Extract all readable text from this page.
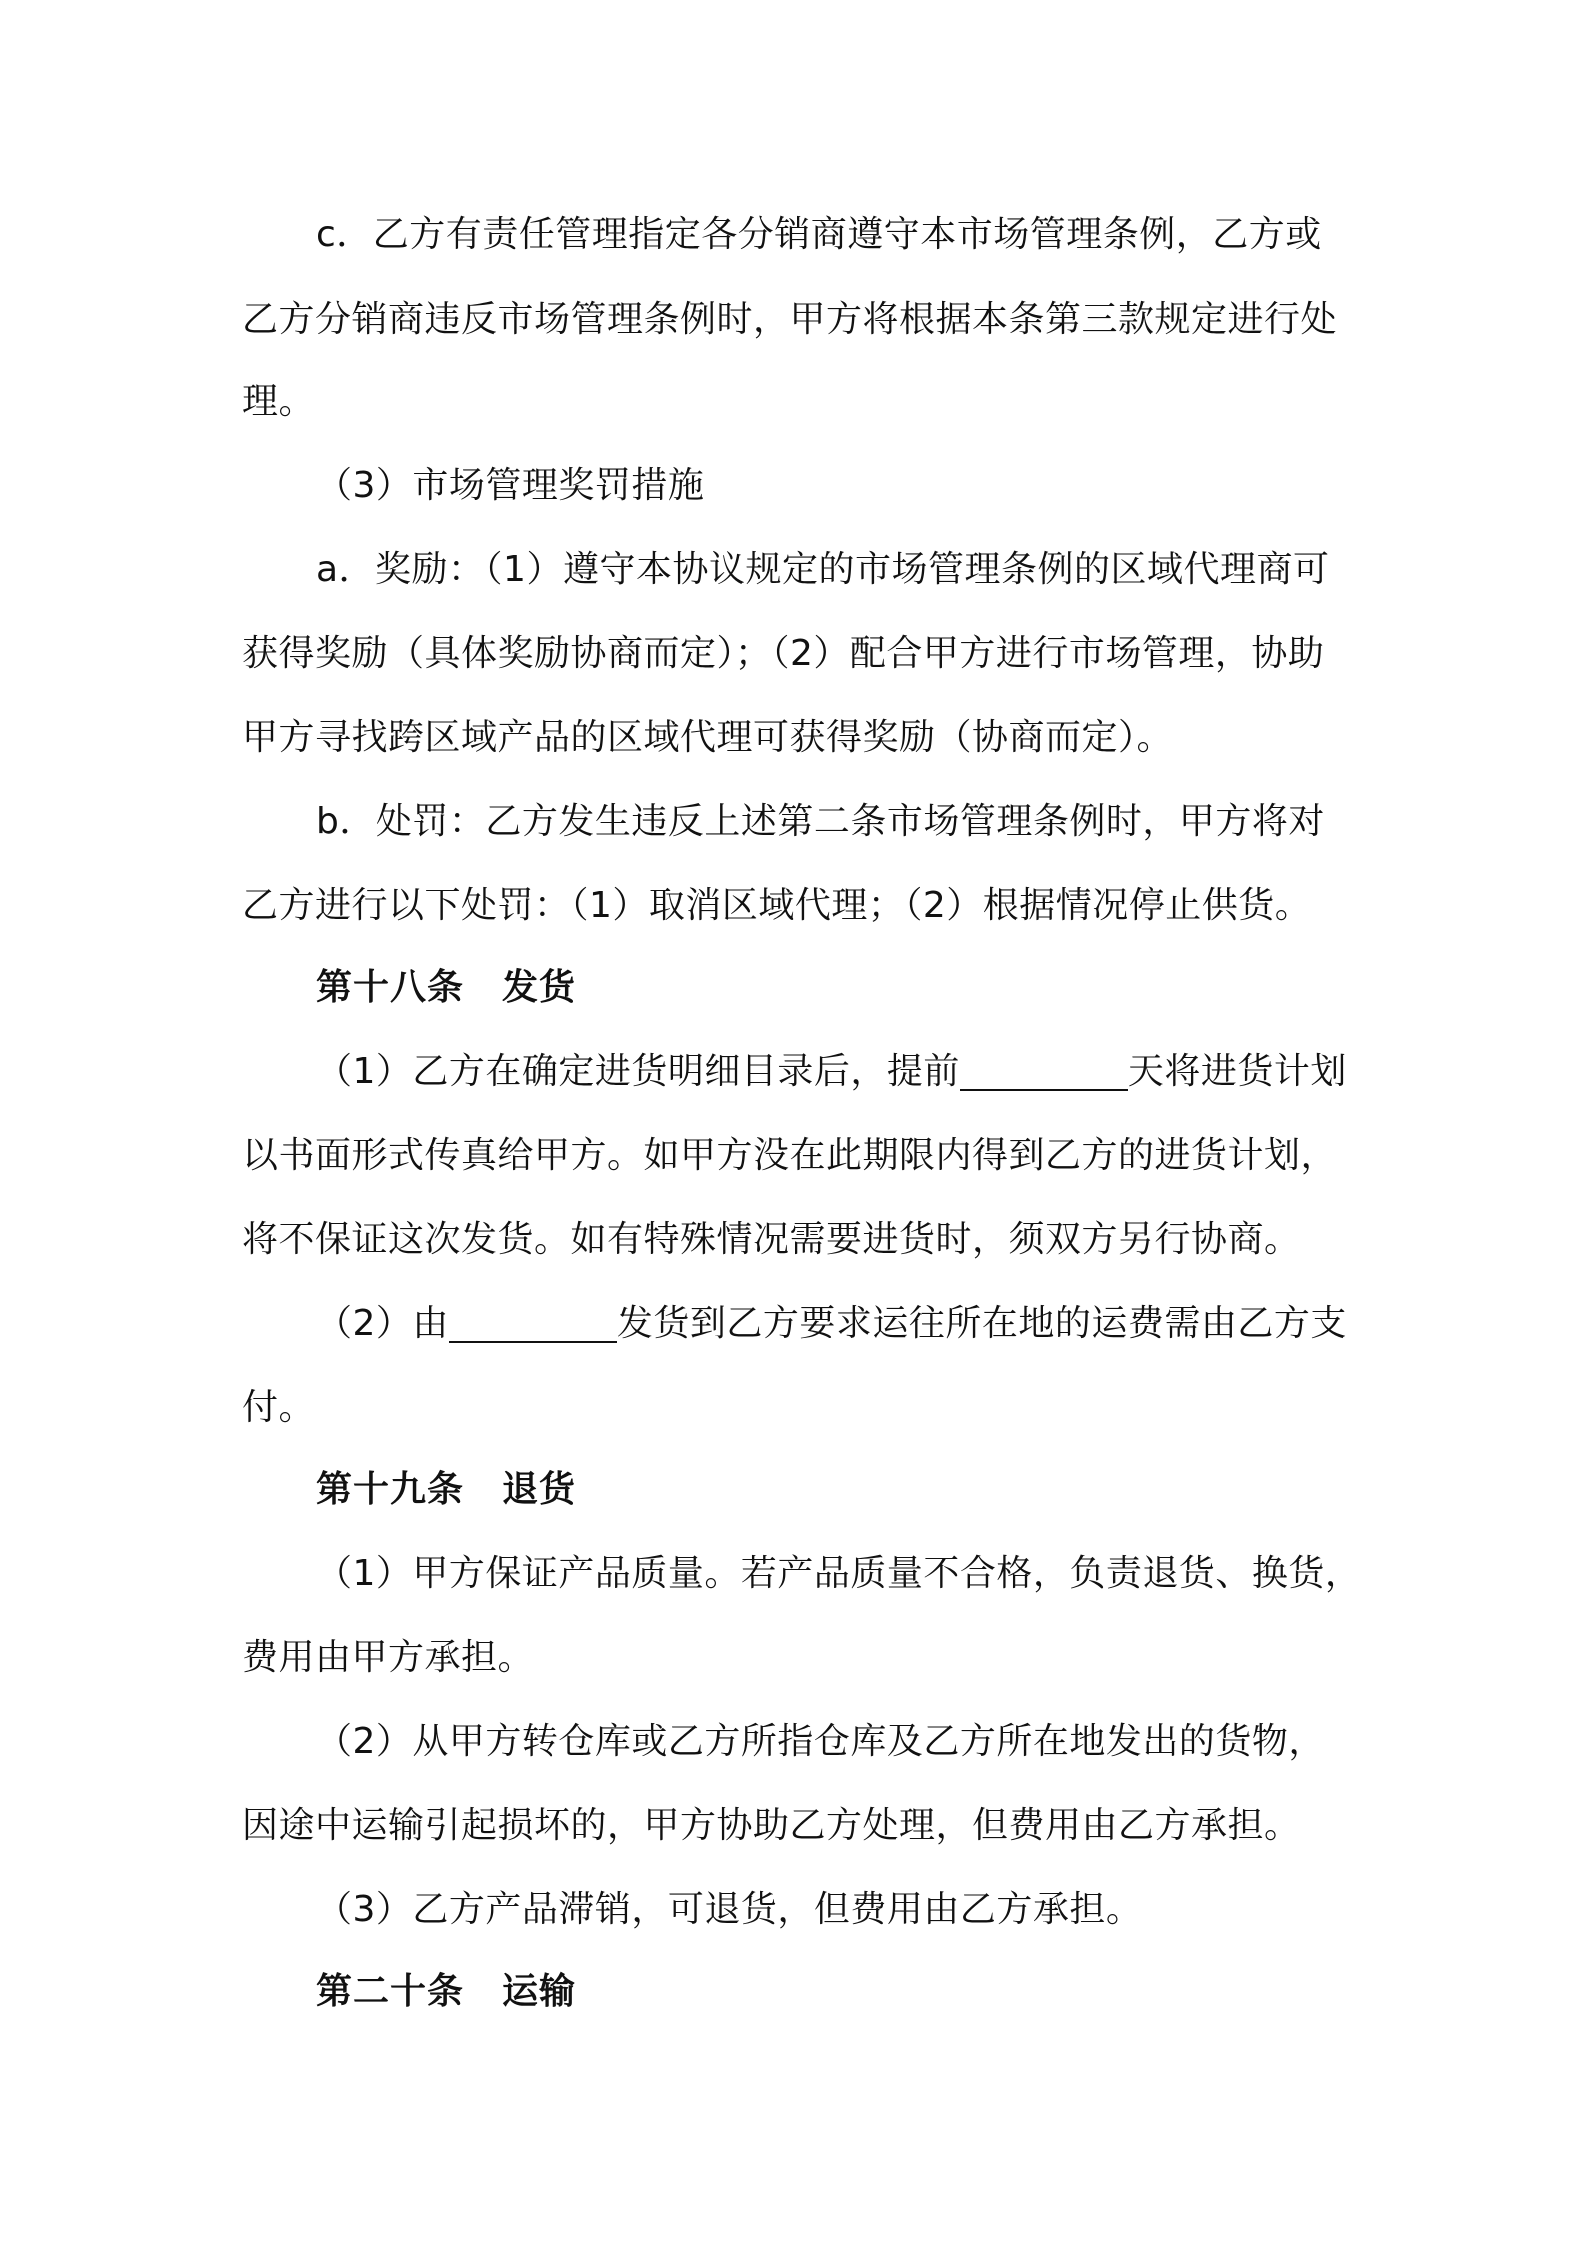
c．乙方有责任管理指定各分销商遵守本市场管理条例，乙方或
乙方分销商违反市场管理条例时，甲方将根据本条第三款规定进行处
理。
（3）市场管理奖罚措施
a．奖励：（1）遵守本协议规定的市场管理条例的区域代理商可
获得奖励（具体奖励协商而定）；（2）配合甲方进行市场管理，协助
甲方寻找跨区域产品的区域代理可获得奖励（协商而定）。
b．处罚：乙方发生违反上述第二条市场管理条例时，甲方将对
乙方进行以下处罚：（1）取消区域代理；（2）根据情况停止供货。
第十八条 发货
（1）乙方在确定进货明细目录后，提前	天将进货计划
以书面形式传真给甲方。如甲方没在此期限内得到乙方的进货计划，
将不保证这次发货。如有特殊情况需要进货时，须双方另行协商。
（2）由	发货到乙方要求运往所在地的运费需由乙方支
付。
第十九条 退货
（1）甲方保证产品质量。若产品质量不合格，负责退货、换货，
费用由甲方承担。
（2）从甲方转仓库或乙方所指仓库及乙方所在地发出的货物，
因途中运输引起损坏的，甲方协助乙方处理，但费用由乙方承担。
（3）乙方产品滞销，可退货，但费用由乙方承担。
第二十条 运输
